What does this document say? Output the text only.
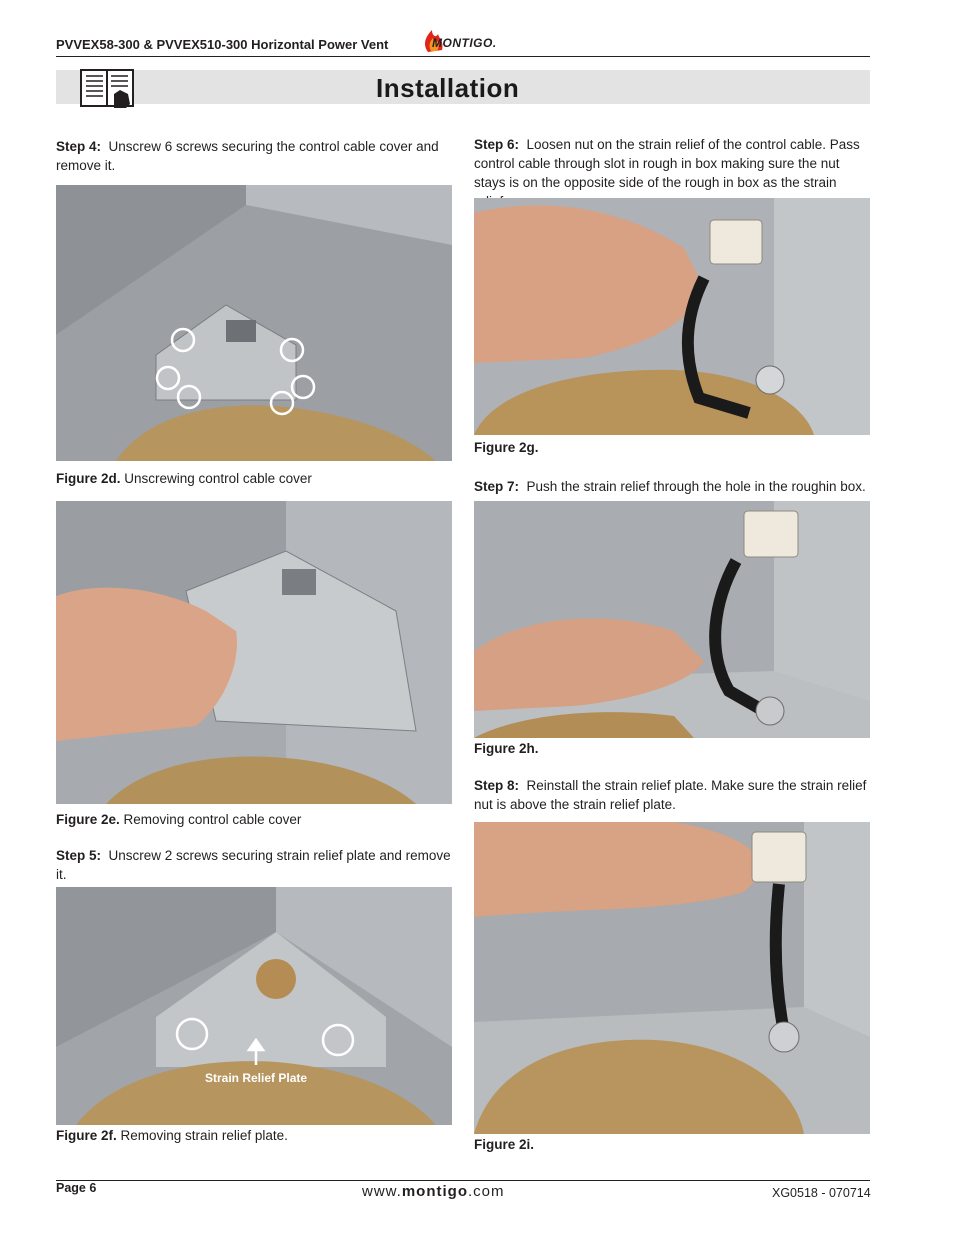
PVVEX58-300 & PVVEX510-300 Horizontal Power Vent	MONTIGO.
Installation
Step 4: Unscrew 6 screws securing the control cable cover and remove it.
Figure 2d. Unscrewing control cable cover
Figure 2e. Removing control cable cover
Step 5: Unscrew 2 screws securing strain relief plate and remove it.
Strain Relief Plate
Figure 2f. Removing strain relief plate.
Step 6: Loosen nut on the strain relief of the control cable. Pass control cable through slot in rough in box making sure the nut stays is on the opposite side of the rough in box as the strain
Figure 2g.
Step 7: Push the strain relief through the hole in the roughin box.
Figure 2h.
Step 8: Reinstall the strain relief plate. Make sure the strain relief nut is above the strain relief plate.
Figure 2i.
Page 6	www.montigo.com	XG0518 - 070714
